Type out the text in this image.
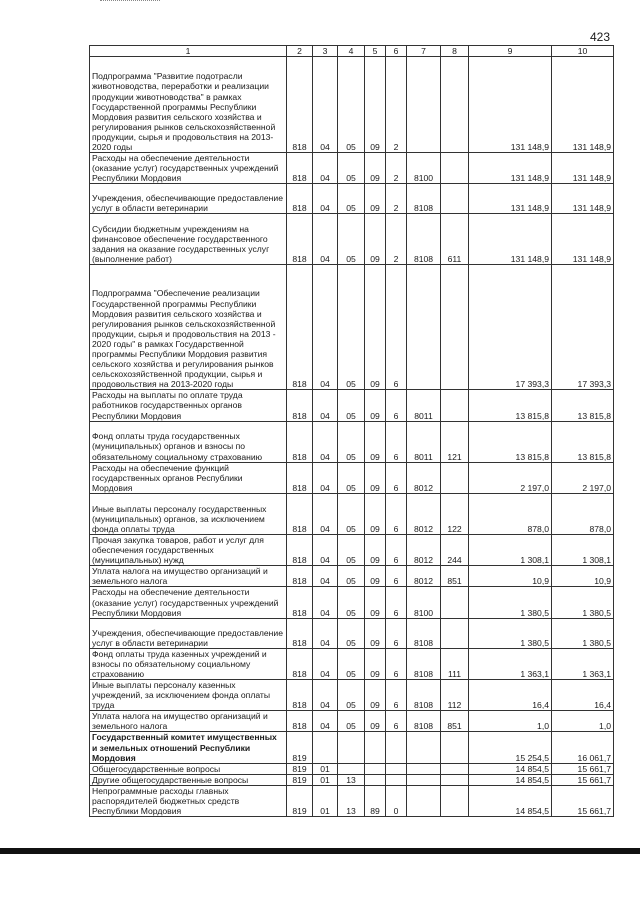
423
1	2	3	4	5	6	7	8	9	10
Подпрограмма "Развитие подотрасли животноводства, переработки и реализации продукции животноводства" в рамках Государственной программы Республики Мордовия развития сельского хозяйства и регулирования рынков сельскохозяйственной продукции, сырья и продовольствия на 2013-2020 годы	818	04	05	09	2			131 148,9	131 148,9
Расходы на обеспечение деятельности (оказание услуг) государственных учреждений Республики Мордовия	818	04	05	09	2	8100		131 148,9	131 148,9
Учреждения, обеспечивающие предоставление услуг в области ветеринарии	818	04	05	09	2	8108		131 148,9	131 148,9
Субсидии бюджетным учреждениям на финансовое обеспечение государственного задания на оказание государственных услуг (выполнение работ)	818	04	05	09	2	8108	611	131 148,9	131 148,9
Подпрограмма "Обеспечение реализации Государственной программы Республики Мордовия развития сельского хозяйства и регулирования рынков сельскохозяйственной продукции, сырья и продовольствия на 2013 - 2020 годы" в рамках Государственной программы Республики Мордовия развития сельского хозяйства и регулирования рынков сельскохозяйственной продукции, сырья и продовольствия на 2013-2020 годы	818	04	05	09	6			17 393,3	17 393,3
Расходы на выплаты по оплате труда работников государственных органов Республики Мордовия	818	04	05	09	6	8011		13 815,8	13 815,8
Фонд оплаты труда государственных (муниципальных) органов и взносы по обязательному социальному страхованию	818	04	05	09	6	8011	121	13 815,8	13 815,8
Расходы на обеспечение функций государственных органов Республики Мордовия	818	04	05	09	6	8012		2 197,0	2 197,0
Иные выплаты персоналу государственных (муниципальных) органов, за исключением фонда оплаты труда	818	04	05	09	6	8012	122	878,0	878,0
Прочая закупка товаров, работ и услуг для обеспечения государственных (муниципальных) нужд	818	04	05	09	6	8012	244	1 308,1	1 308,1
Уплата налога на имущество организаций и земельного налога	818	04	05	09	6	8012	851	10,9	10,9
Расходы на обеспечение деятельности (оказание услуг) государственных учреждений Республики Мордовия	818	04	05	09	6	8100		1 380,5	1 380,5
Учреждения, обеспечивающие предоставление услуг в области ветеринарии	818	04	05	09	6	8108		1 380,5	1 380,5
Фонд оплаты труда казенных учреждений и взносы по обязательному социальному страхованию	818	04	05	09	6	8108	111	1 363,1	1 363,1
Иные выплаты персоналу казенных учреждений, за исключением фонда оплаты труда	818	04	05	09	6	8108	112	16,4	16,4
Уплата налога на имущество организаций и земельного налога	818	04	05	09	6	8108	851	1,0	1,0
Государственный комитет имущественных и земельных отношений Республики Мордовия	819							15 254,5	16 061,7
Общегосударственные вопросы	819	01						14 854,5	15 661,7
Другие общегосударственные вопросы	819	01	13					14 854,5	15 661,7
Непрограммные расходы главных распорядителей бюджетных средств Республики Мордовия	819	01	13	89	0			14 854,5	15 661,7
